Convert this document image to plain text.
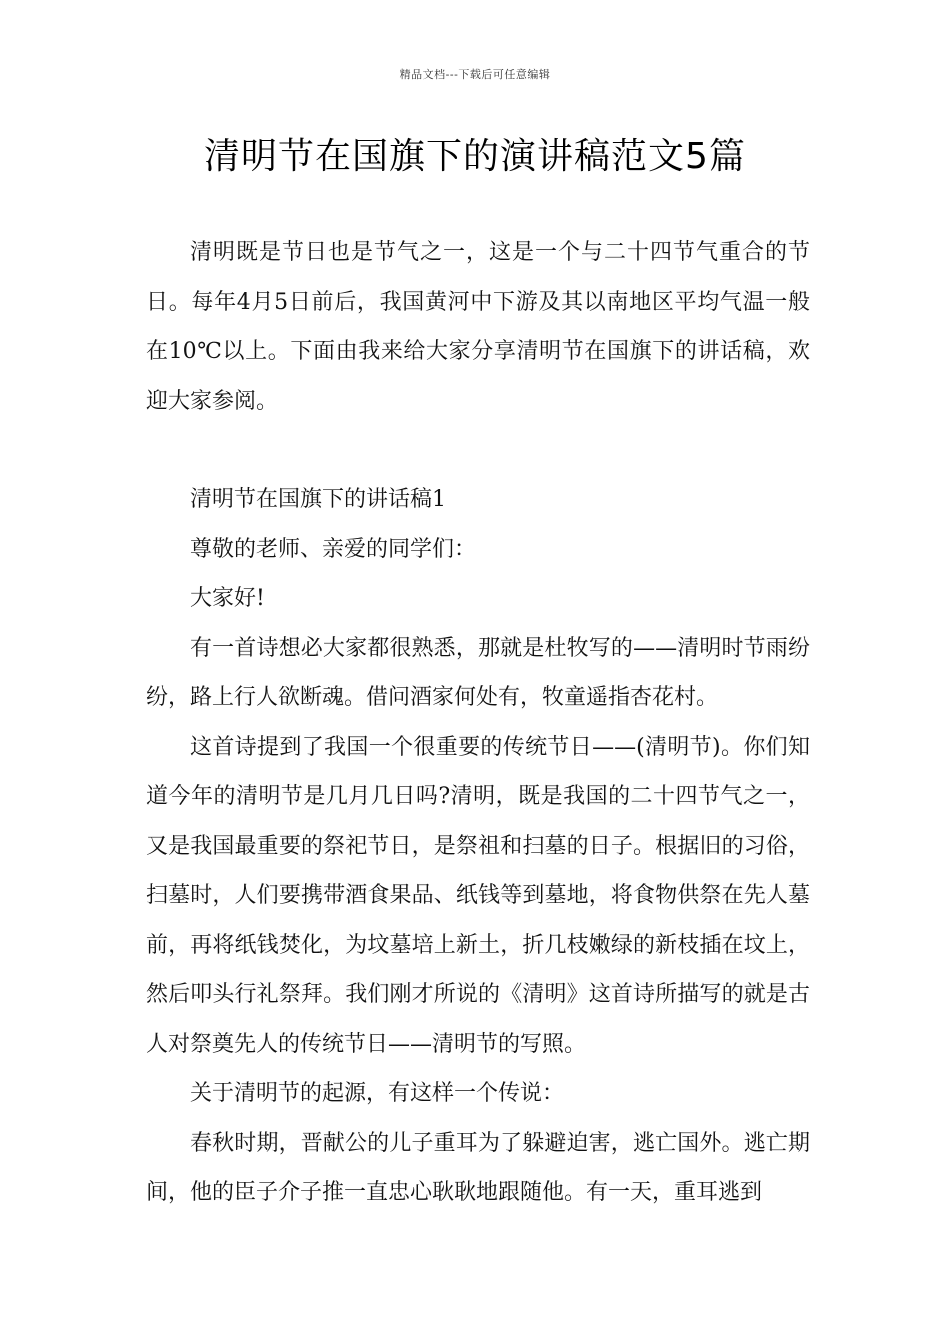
精品文档---下载后可任意编辑
清明节在国旗下的演讲稿范文5篇

清明既是节日也是节气之一，这是一个与二十四节气重合的节日。每年4月5日前后，我国黄河中下游及其以南地区平均气温一般在10℃以上。下面由我来给大家分享清明节在国旗下的讲话稿，欢迎大家参阅。

清明节在国旗下的讲话稿1

尊敬的老师、亲爱的同学们：

大家好!

有一首诗想必大家都很熟悉，那就是杜牧写的——清明时节雨纷纷，路上行人欲断魂。借问酒家何处有，牧童遥指杏花村。

这首诗提到了我国一个很重要的传统节日——(清明节)。你们知道今年的清明节是几月几日吗?清明，既是我国的二十四节气之一，又是我国最重要的祭祀节日，是祭祖和扫墓的日子。根据旧的习俗，扫墓时，人们要携带酒食果品、纸钱等到墓地，将食物供祭在先人墓前，再将纸钱焚化，为坟墓培上新土，折几枝嫩绿的新枝插在坟上，然后叩头行礼祭拜。我们刚才所说的《清明》这首诗所描写的就是古人对祭奠先人的传统节日——清明节的写照。

关于清明节的起源，有这样一个传说：

春秋时期，晋献公的儿子重耳为了躲避迫害，逃亡国外。逃亡期间，他的臣子介子推一直忠心耿耿地跟随他。有一天，重耳逃到
